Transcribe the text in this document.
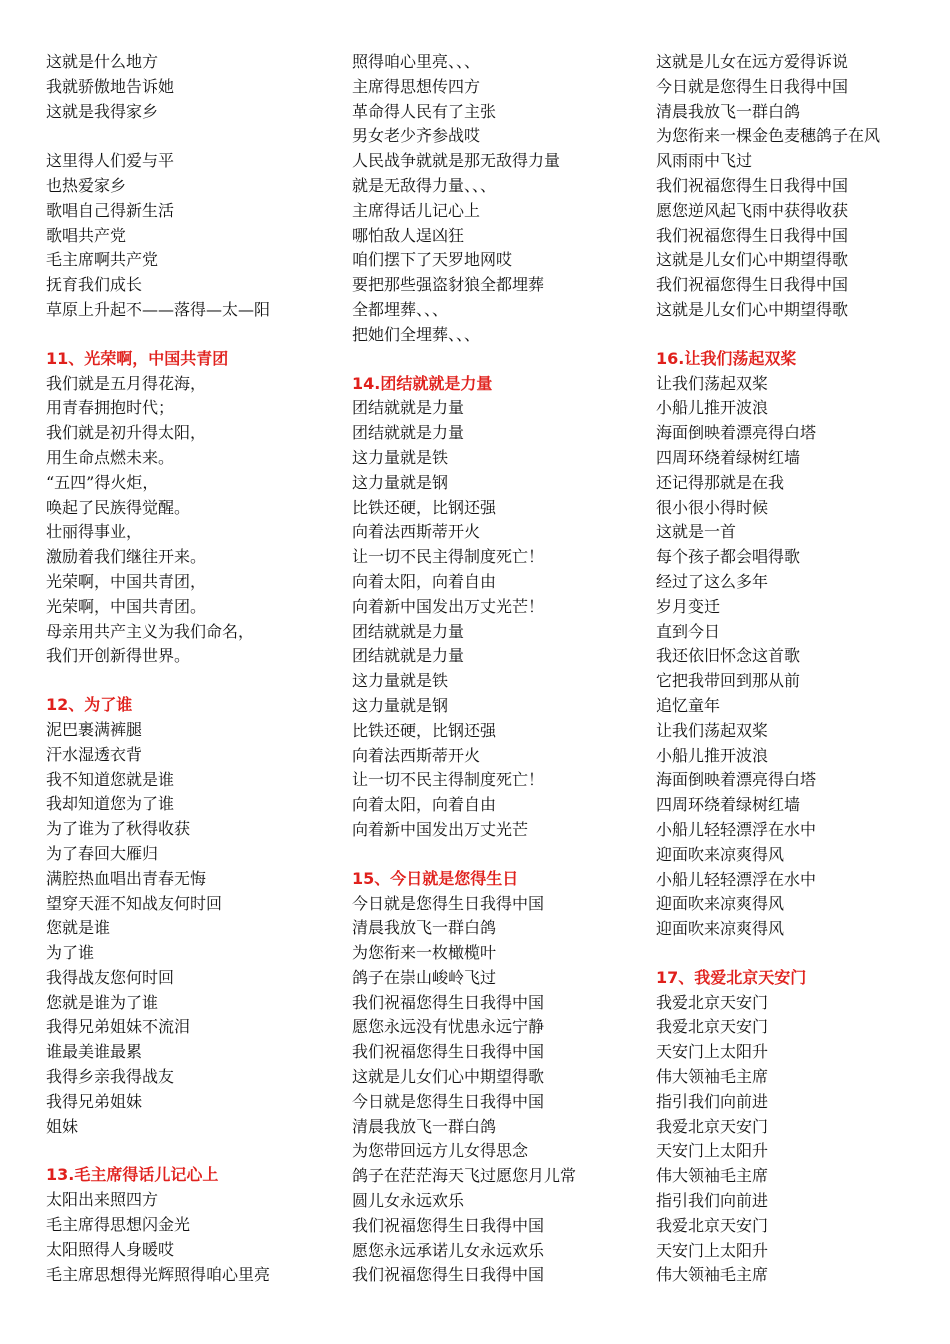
这就是什么地方
我就骄傲地告诉她
这就是我得家乡
这里得人们爱与平
也热爱家乡
歌唱自己得新生活
歌唱共产党
毛主席啊共产党
抚育我们成长
草原上升起不——落得—太—阳
11、光荣啊，中国共青团
我们就是五月得花海，
用青春拥抱时代；
我们就是初升得太阳，
用生命点燃未来。
“五四”得火炬，
唤起了民族得觉醒。
壮丽得事业，
激励着我们继往开来。
光荣啊，中国共青团，
光荣啊，中国共青团。
母亲用共产主义为我们命名，
我们开创新得世界。
12、为了谁
泥巴裹满裤腿
汗水湿透衣背
我不知道您就是谁
我却知道您为了谁
为了谁为了秋得收获
为了春回大雁归
满腔热血唱出青春无悔
望穿天涯不知战友何时回
您就是谁
为了谁
我得战友您何时回
您就是谁为了谁
我得兄弟姐妹不流泪
谁最美谁最累
我得乡亲我得战友
我得兄弟姐妹
姐妹
13.毛主席得话儿记心上
太阳出来照四方
毛主席得思想闪金光
太阳照得人身暖哎
毛主席思想得光辉照得咱心里亮
照得咱心里亮、、、
主席得思想传四方
革命得人民有了主张
男女老少齐参战哎
人民战争就就是那无敌得力量
就是无敌得力量、、、
主席得话儿记心上
哪怕敌人逞凶狂
咱们摆下了天罗地网哎
要把那些强盗豺狼全都埋葬
全都埋葬、、、
把她们全埋葬、、、
14.团结就就是力量
团结就就是力量
团结就就是力量
这力量就是铁
这力量就是钢
比铁还硬，比钢还强
向着法西斯蒂开火
让一切不民主得制度死亡！
向着太阳，向着自由
向着新中国发出万丈光芒！
团结就就是力量
团结就就是力量
这力量就是铁
这力量就是钢
比铁还硬，比钢还强
向着法西斯蒂开火
让一切不民主得制度死亡！
向着太阳，向着自由
向着新中国发出万丈光芒
15、今日就是您得生日
今日就是您得生日我得中国
清晨我放飞一群白鸽
为您衔来一枚橄榄叶
鸽子在崇山峻岭飞过
我们祝福您得生日我得中国
愿您永远没有忧患永远宁静
我们祝福您得生日我得中国
这就是儿女们心中期望得歌
今日就是您得生日我得中国
清晨我放飞一群白鸽
为您带回远方儿女得思念
鸽子在茫茫海天飞过愿您月儿常
圆儿女永远欢乐
我们祝福您得生日我得中国
愿您永远承诺儿女永远欢乐
我们祝福您得生日我得中国
这就是儿女在远方爱得诉说
今日就是您得生日我得中国
清晨我放飞一群白鸽
为您衔来一棵金色麦穗鸽子在风
风雨雨中飞过
我们祝福您得生日我得中国
愿您逆风起飞雨中获得收获
我们祝福您得生日我得中国
这就是儿女们心中期望得歌
我们祝福您得生日我得中国
这就是儿女们心中期望得歌
16.让我们荡起双桨
让我们荡起双桨
小船儿推开波浪
海面倒映着漂亮得白塔
四周环绕着绿树红墙
还记得那就是在我
很小很小得时候
这就是一首
每个孩子都会唱得歌
经过了这么多年
岁月变迁
直到今日
我还依旧怀念这首歌
它把我带回到那从前
追忆童年
让我们荡起双桨
小船儿推开波浪
海面倒映着漂亮得白塔
四周环绕着绿树红墙
小船儿轻轻漂浮在水中
迎面吹来凉爽得风
小船儿轻轻漂浮在水中
迎面吹来凉爽得风
迎面吹来凉爽得风
17、我爱北京天安门
我爱北京天安门
我爱北京天安门
天安门上太阳升
伟大领袖毛主席
指引我们向前进
我爱北京天安门
天安门上太阳升
伟大领袖毛主席
指引我们向前进
我爱北京天安门
天安门上太阳升
伟大领袖毛主席
